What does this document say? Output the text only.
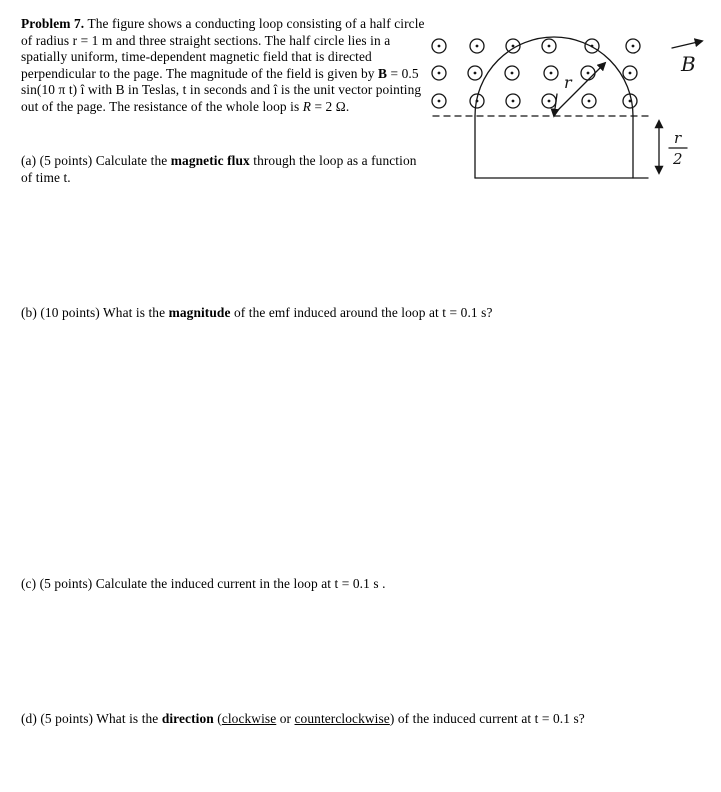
Problem 7. The figure shows a conducting loop consisting of a half circle of radius r = 1 m and three straight sections. The half circle lies in a spatially uniform, time-dependent magnetic field that is directed perpendicular to the page. The magnitude of the field is given by B = 0.5 sin(10 π t) î with B in Teslas, t in seconds and î is the unit vector pointing out of the page. The resistance of the whole loop is R = 2 Ω.

r
B
r
2

(a) (5 points) Calculate the magnetic flux through the loop as a function of time t.

(b) (10 points) What is the magnitude of the emf induced around the loop at t = 0.1 s?

(c) (5 points) Calculate the induced current in the loop at t = 0.1 s .

(d) (5 points) What is the direction (clockwise or counterclockwise) of the induced current at t = 0.1 s?
